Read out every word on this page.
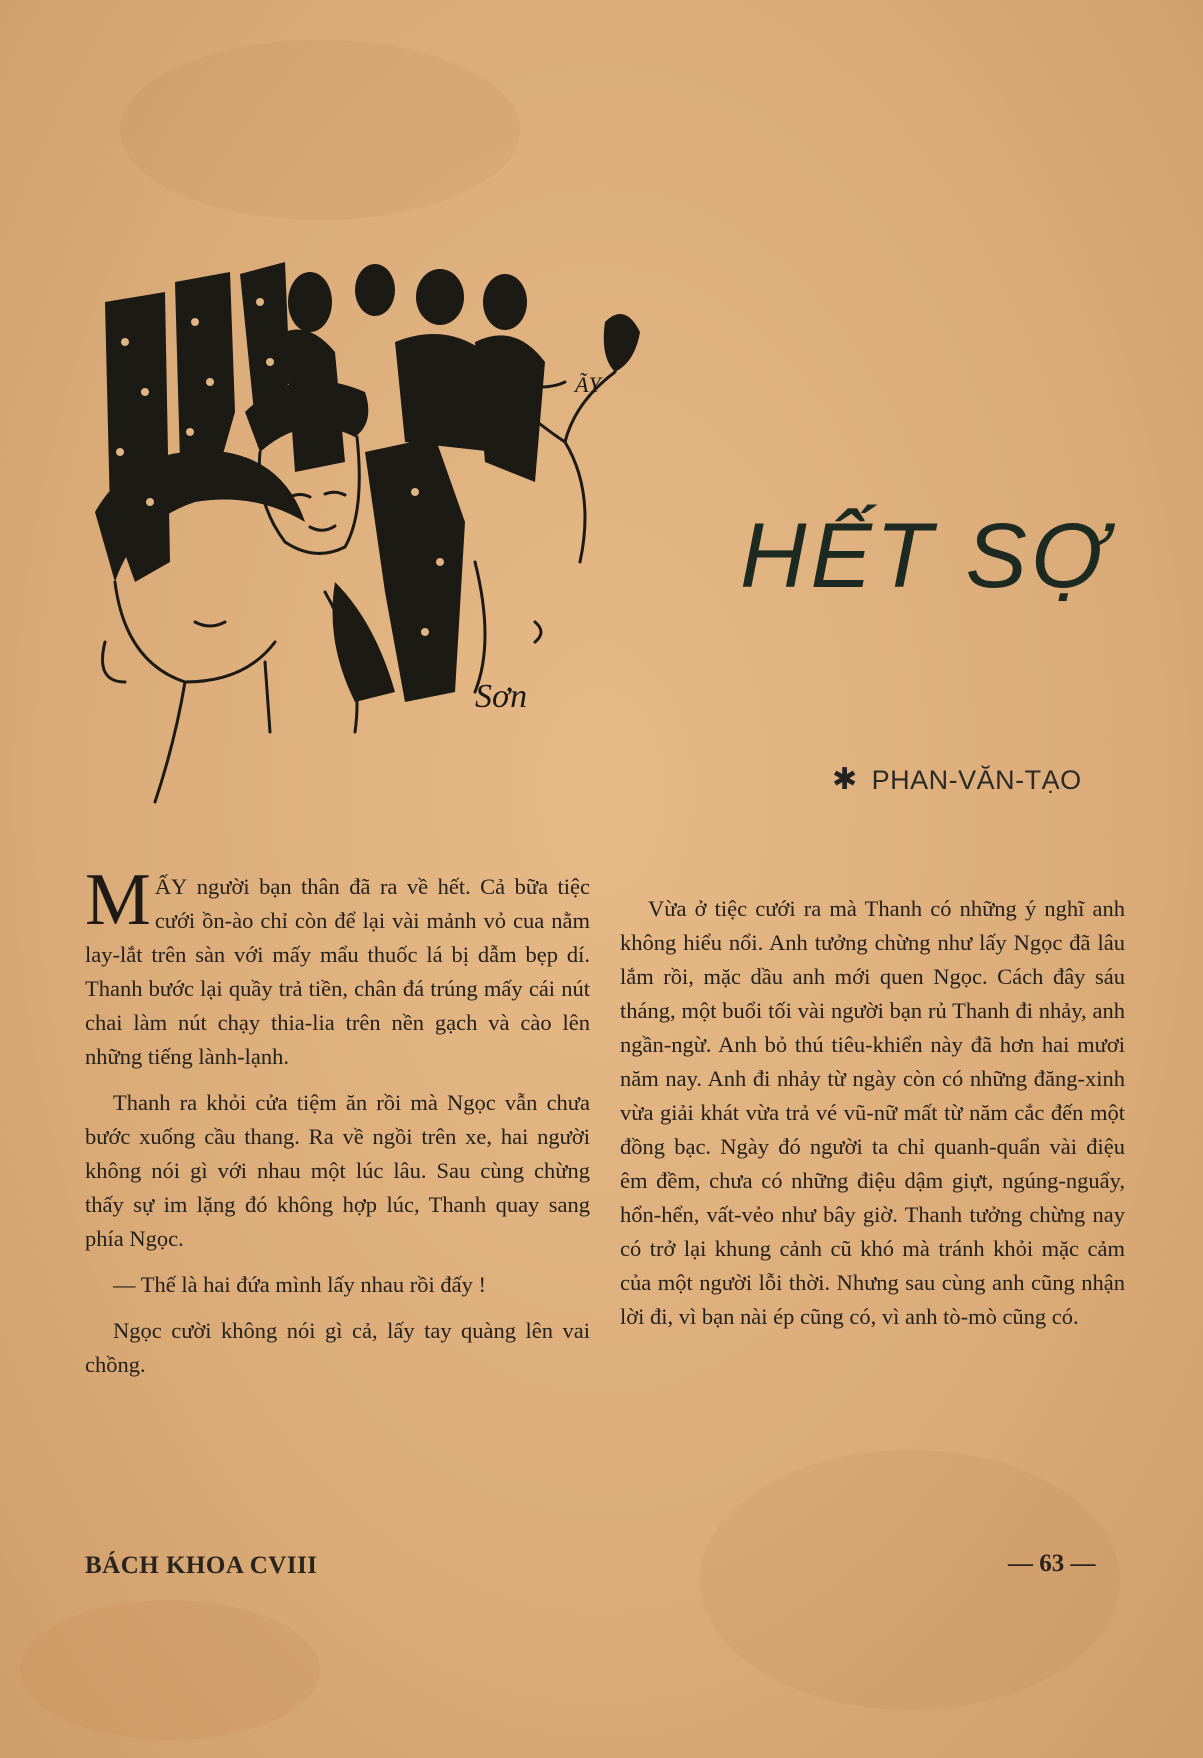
Sơn
ÃY
HẾT SỢ
✱ PHAN-VĂN-TẠO

MẤY người bạn thân đã ra về hết. Cả bữa tiệc cưới ồn-ào chỉ còn để lại vài mảnh vỏ cua nằm lay-lắt trên sàn với mấy mẩu thuốc lá bị dẫm bẹp dí. Thanh bước lại quầy trả tiền, chân đá trúng mấy cái nút chai làm nút chạy thia-lia trên nền gạch và cào lên những tiếng lành-lạnh.

Thanh ra khỏi cửa tiệm ăn rồi mà Ngọc vẫn chưa bước xuống cầu thang. Ra về ngồi trên xe, hai người không nói gì với nhau một lúc lâu. Sau cùng chừng thấy sự im lặng đó không hợp lúc, Thanh quay sang phía Ngọc.

— Thế là hai đứa mình lấy nhau rồi đấy !

Ngọc cười không nói gì cả, lấy tay quàng lên vai chồng.

Vừa ở tiệc cưới ra mà Thanh có những ý nghĩ anh không hiểu nổi. Anh tưởng chừng như lấy Ngọc đã lâu lắm rồi, mặc dầu anh mới quen Ngọc. Cách đây sáu tháng, một buổi tối vài người bạn rủ Thanh đi nhảy, anh ngần-ngừ. Anh bỏ thú tiêu-khiển này đã hơn hai mươi năm nay. Anh đi nhảy từ ngày còn có những đăng-xinh vừa giải khát vừa trả vé vũ-nữ mất từ năm cắc đến một đồng bạc. Ngày đó người ta chỉ quanh-quẩn vài điệu êm đềm, chưa có những điệu dậm giựt, ngúng-nguẩy, hổn-hển, vất-vẻo như bây giờ. Thanh tưởng chừng nay có trở lại khung cảnh cũ khó mà tránh khỏi mặc cảm của một người lỗi thời. Nhưng sau cùng anh cũng nhận lời đi, vì bạn nài ép cũng có, vì anh tò-mò cũng có.

BÁCH KHOA CVIII	— 63 —
